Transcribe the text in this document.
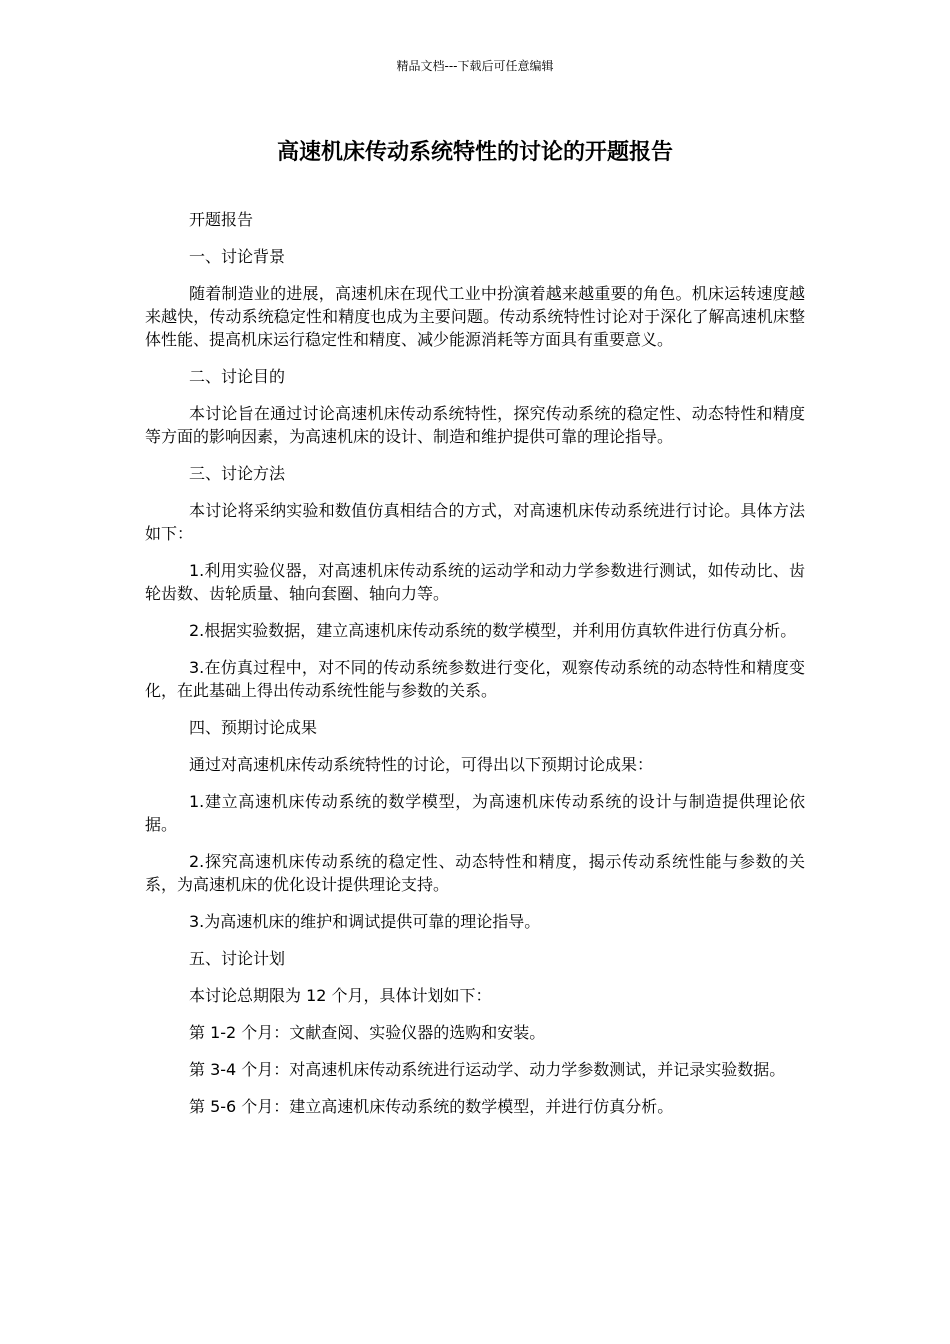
精品文档---下载后可任意编辑
高速机床传动系统特性的讨论的开题报告

开题报告

一、讨论背景

随着制造业的进展，高速机床在现代工业中扮演着越来越重要的角色。机床运转速度越来越快，传动系统稳定性和精度也成为主要问题。传动系统特性讨论对于深化了解高速机床整体性能、提高机床运行稳定性和精度、减少能源消耗等方面具有重要意义。

二、讨论目的

本讨论旨在通过讨论高速机床传动系统特性，探究传动系统的稳定性、动态特性和精度等方面的影响因素，为高速机床的设计、制造和维护提供可靠的理论指导。

三、讨论方法

本讨论将采纳实验和数值仿真相结合的方式，对高速机床传动系统进行讨论。具体方法如下：

1.利用实验仪器，对高速机床传动系统的运动学和动力学参数进行测试，如传动比、齿轮齿数、齿轮质量、轴向套圈、轴向力等。

2.根据实验数据，建立高速机床传动系统的数学模型，并利用仿真软件进行仿真分析。

3.在仿真过程中，对不同的传动系统参数进行变化，观察传动系统的动态特性和精度变化，在此基础上得出传动系统性能与参数的关系。

四、预期讨论成果

通过对高速机床传动系统特性的讨论，可得出以下预期讨论成果：

1.建立高速机床传动系统的数学模型，为高速机床传动系统的设计与制造提供理论依据。

2.探究高速机床传动系统的稳定性、动态特性和精度，揭示传动系统性能与参数的关系，为高速机床的优化设计提供理论支持。

3.为高速机床的维护和调试提供可靠的理论指导。

五、讨论计划

本讨论总期限为 12 个月，具体计划如下：

第 1-2 个月：文献查阅、实验仪器的选购和安装。

第 3-4 个月：对高速机床传动系统进行运动学、动力学参数测试，并记录实验数据。

第 5-6 个月：建立高速机床传动系统的数学模型，并进行仿真分析。
